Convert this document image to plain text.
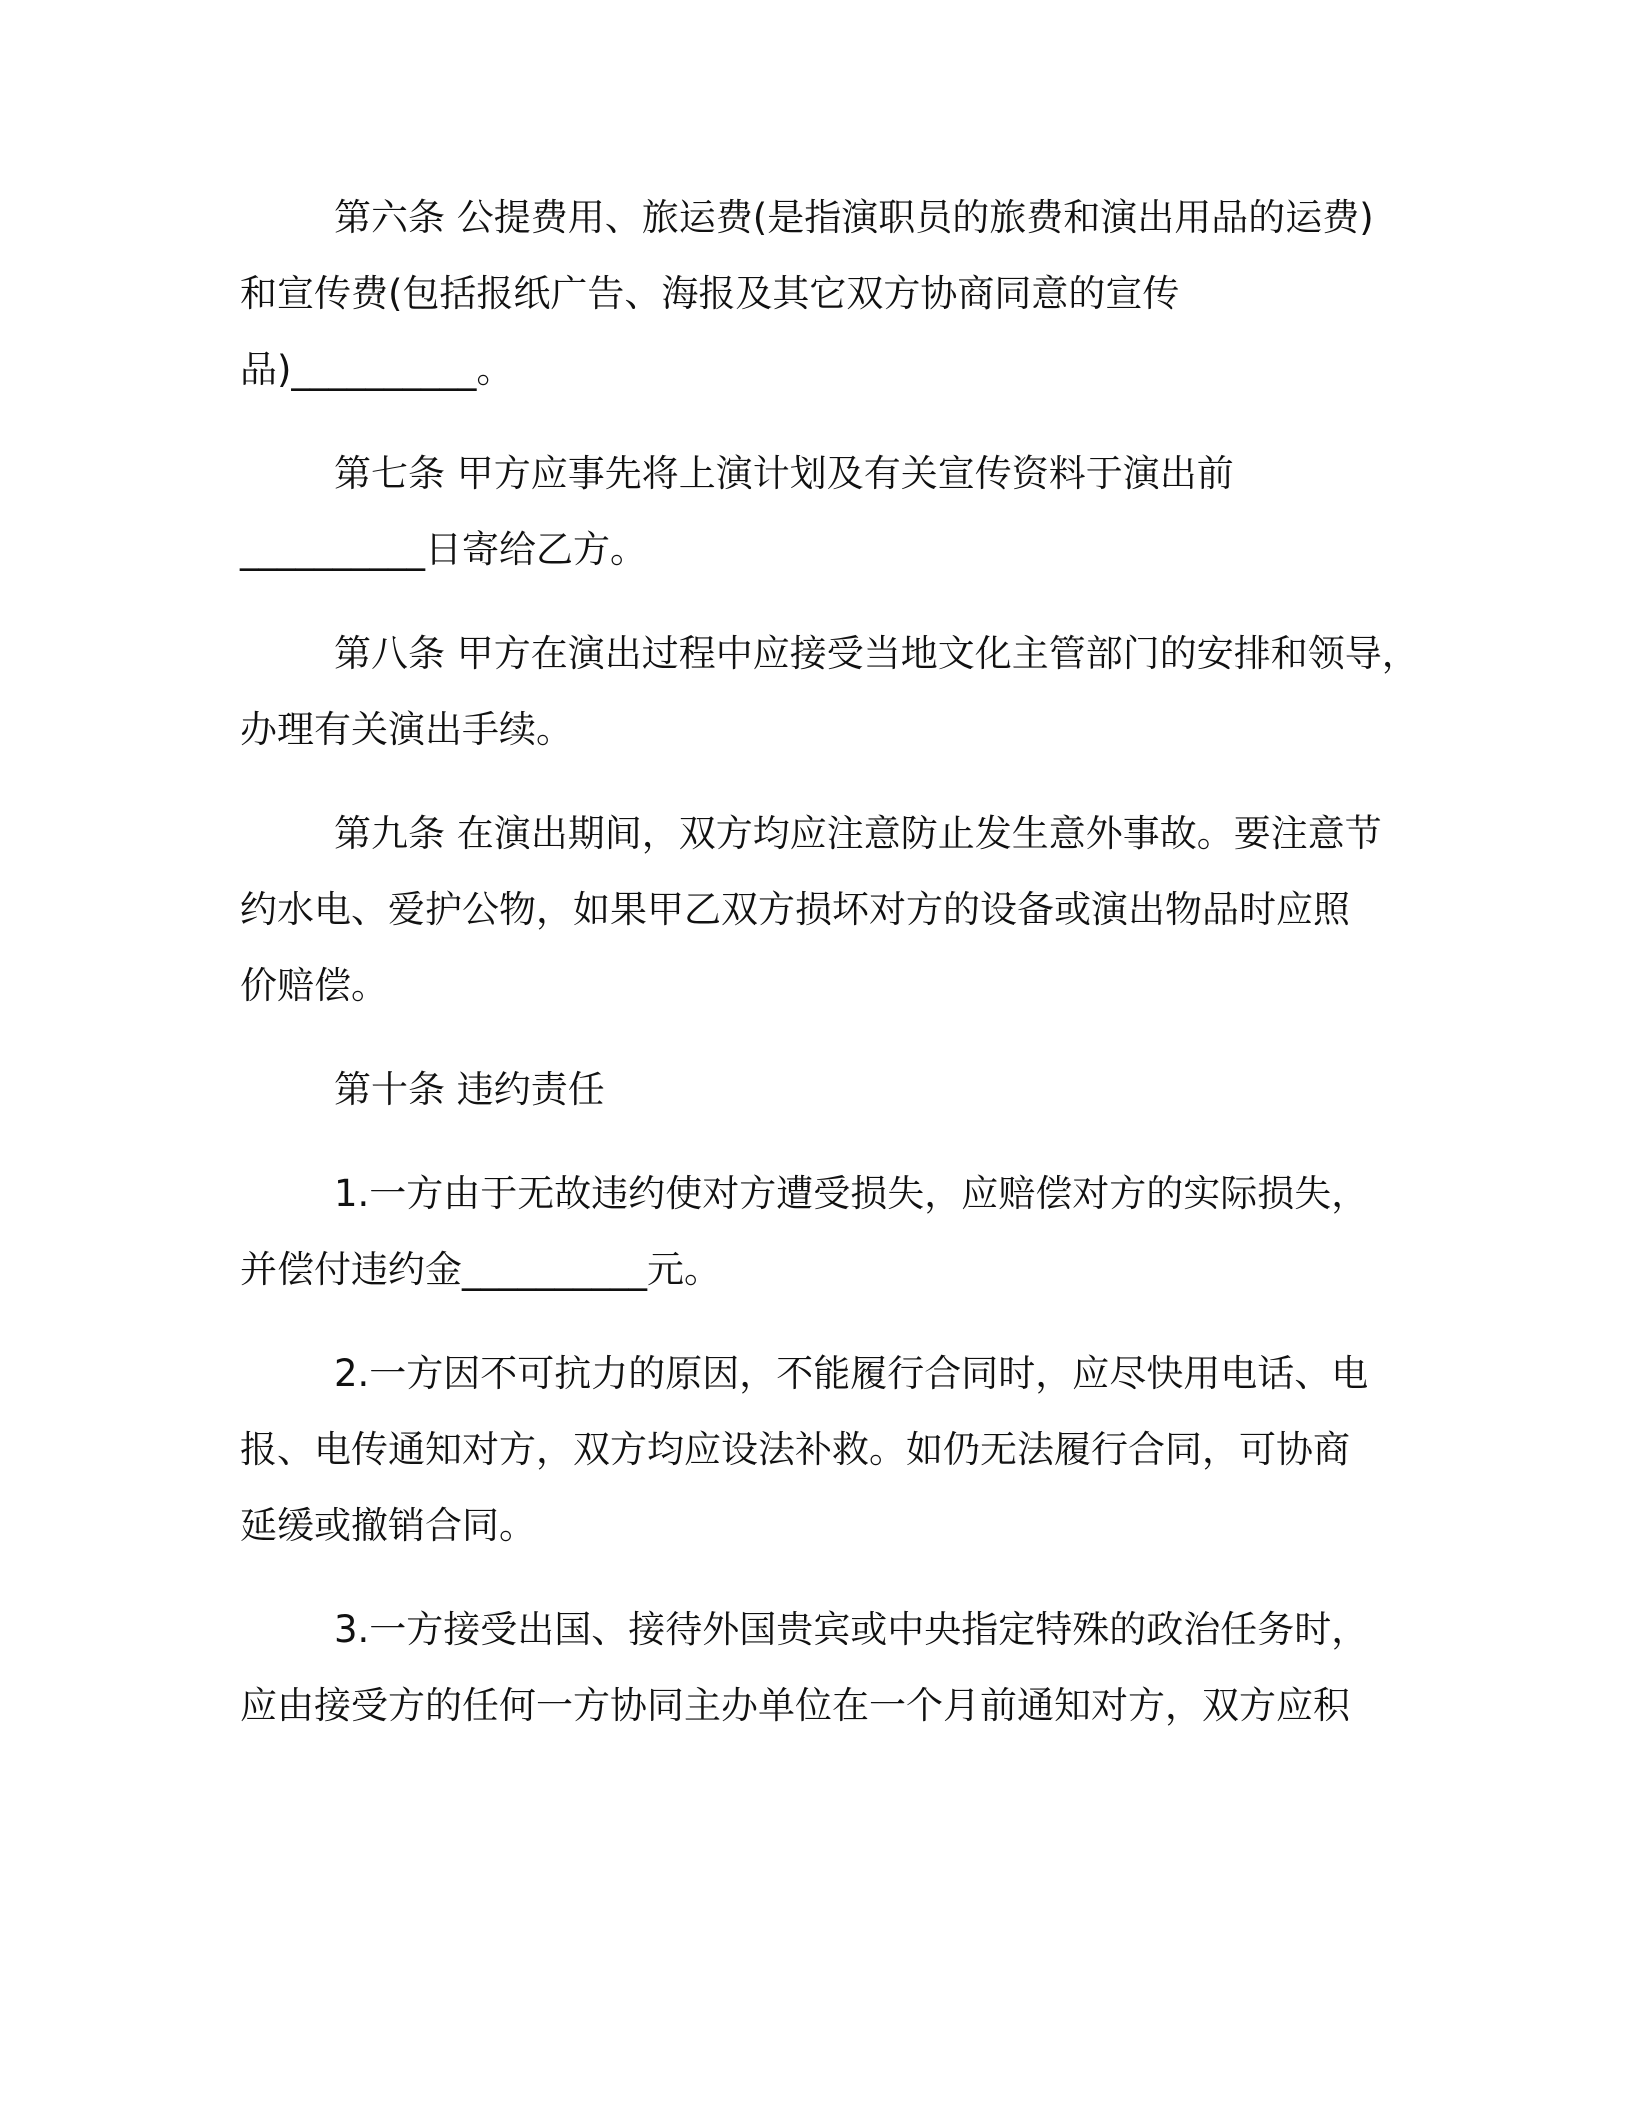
第六条 公提费用、旅运费(是指演职员的旅费和演出用品的运费)
和宣传费(包括报纸广告、海报及其它双方协商同意的宣传
品)__________。
第七条 甲方应事先将上演计划及有关宣传资料于演出前
__________日寄给乙方。
第八条 甲方在演出过程中应接受当地文化主管部门的安排和领导，
办理有关演出手续。
第九条 在演出期间，双方均应注意防止发生意外事故。要注意节
约水电、爱护公物，如果甲乙双方损坏对方的设备或演出物品时应照
价赔偿。
第十条 违约责任
1.一方由于无故违约使对方遭受损失，应赔偿对方的实际损失，
并偿付违约金__________元。
2.一方因不可抗力的原因，不能履行合同时，应尽快用电话、电
报、电传通知对方，双方均应设法补救。如仍无法履行合同，可协商
延缓或撤销合同。
3.一方接受出国、接待外国贵宾或中央指定特殊的政治任务时，
应由接受方的任何一方协同主办单位在一个月前通知对方，双方应积
